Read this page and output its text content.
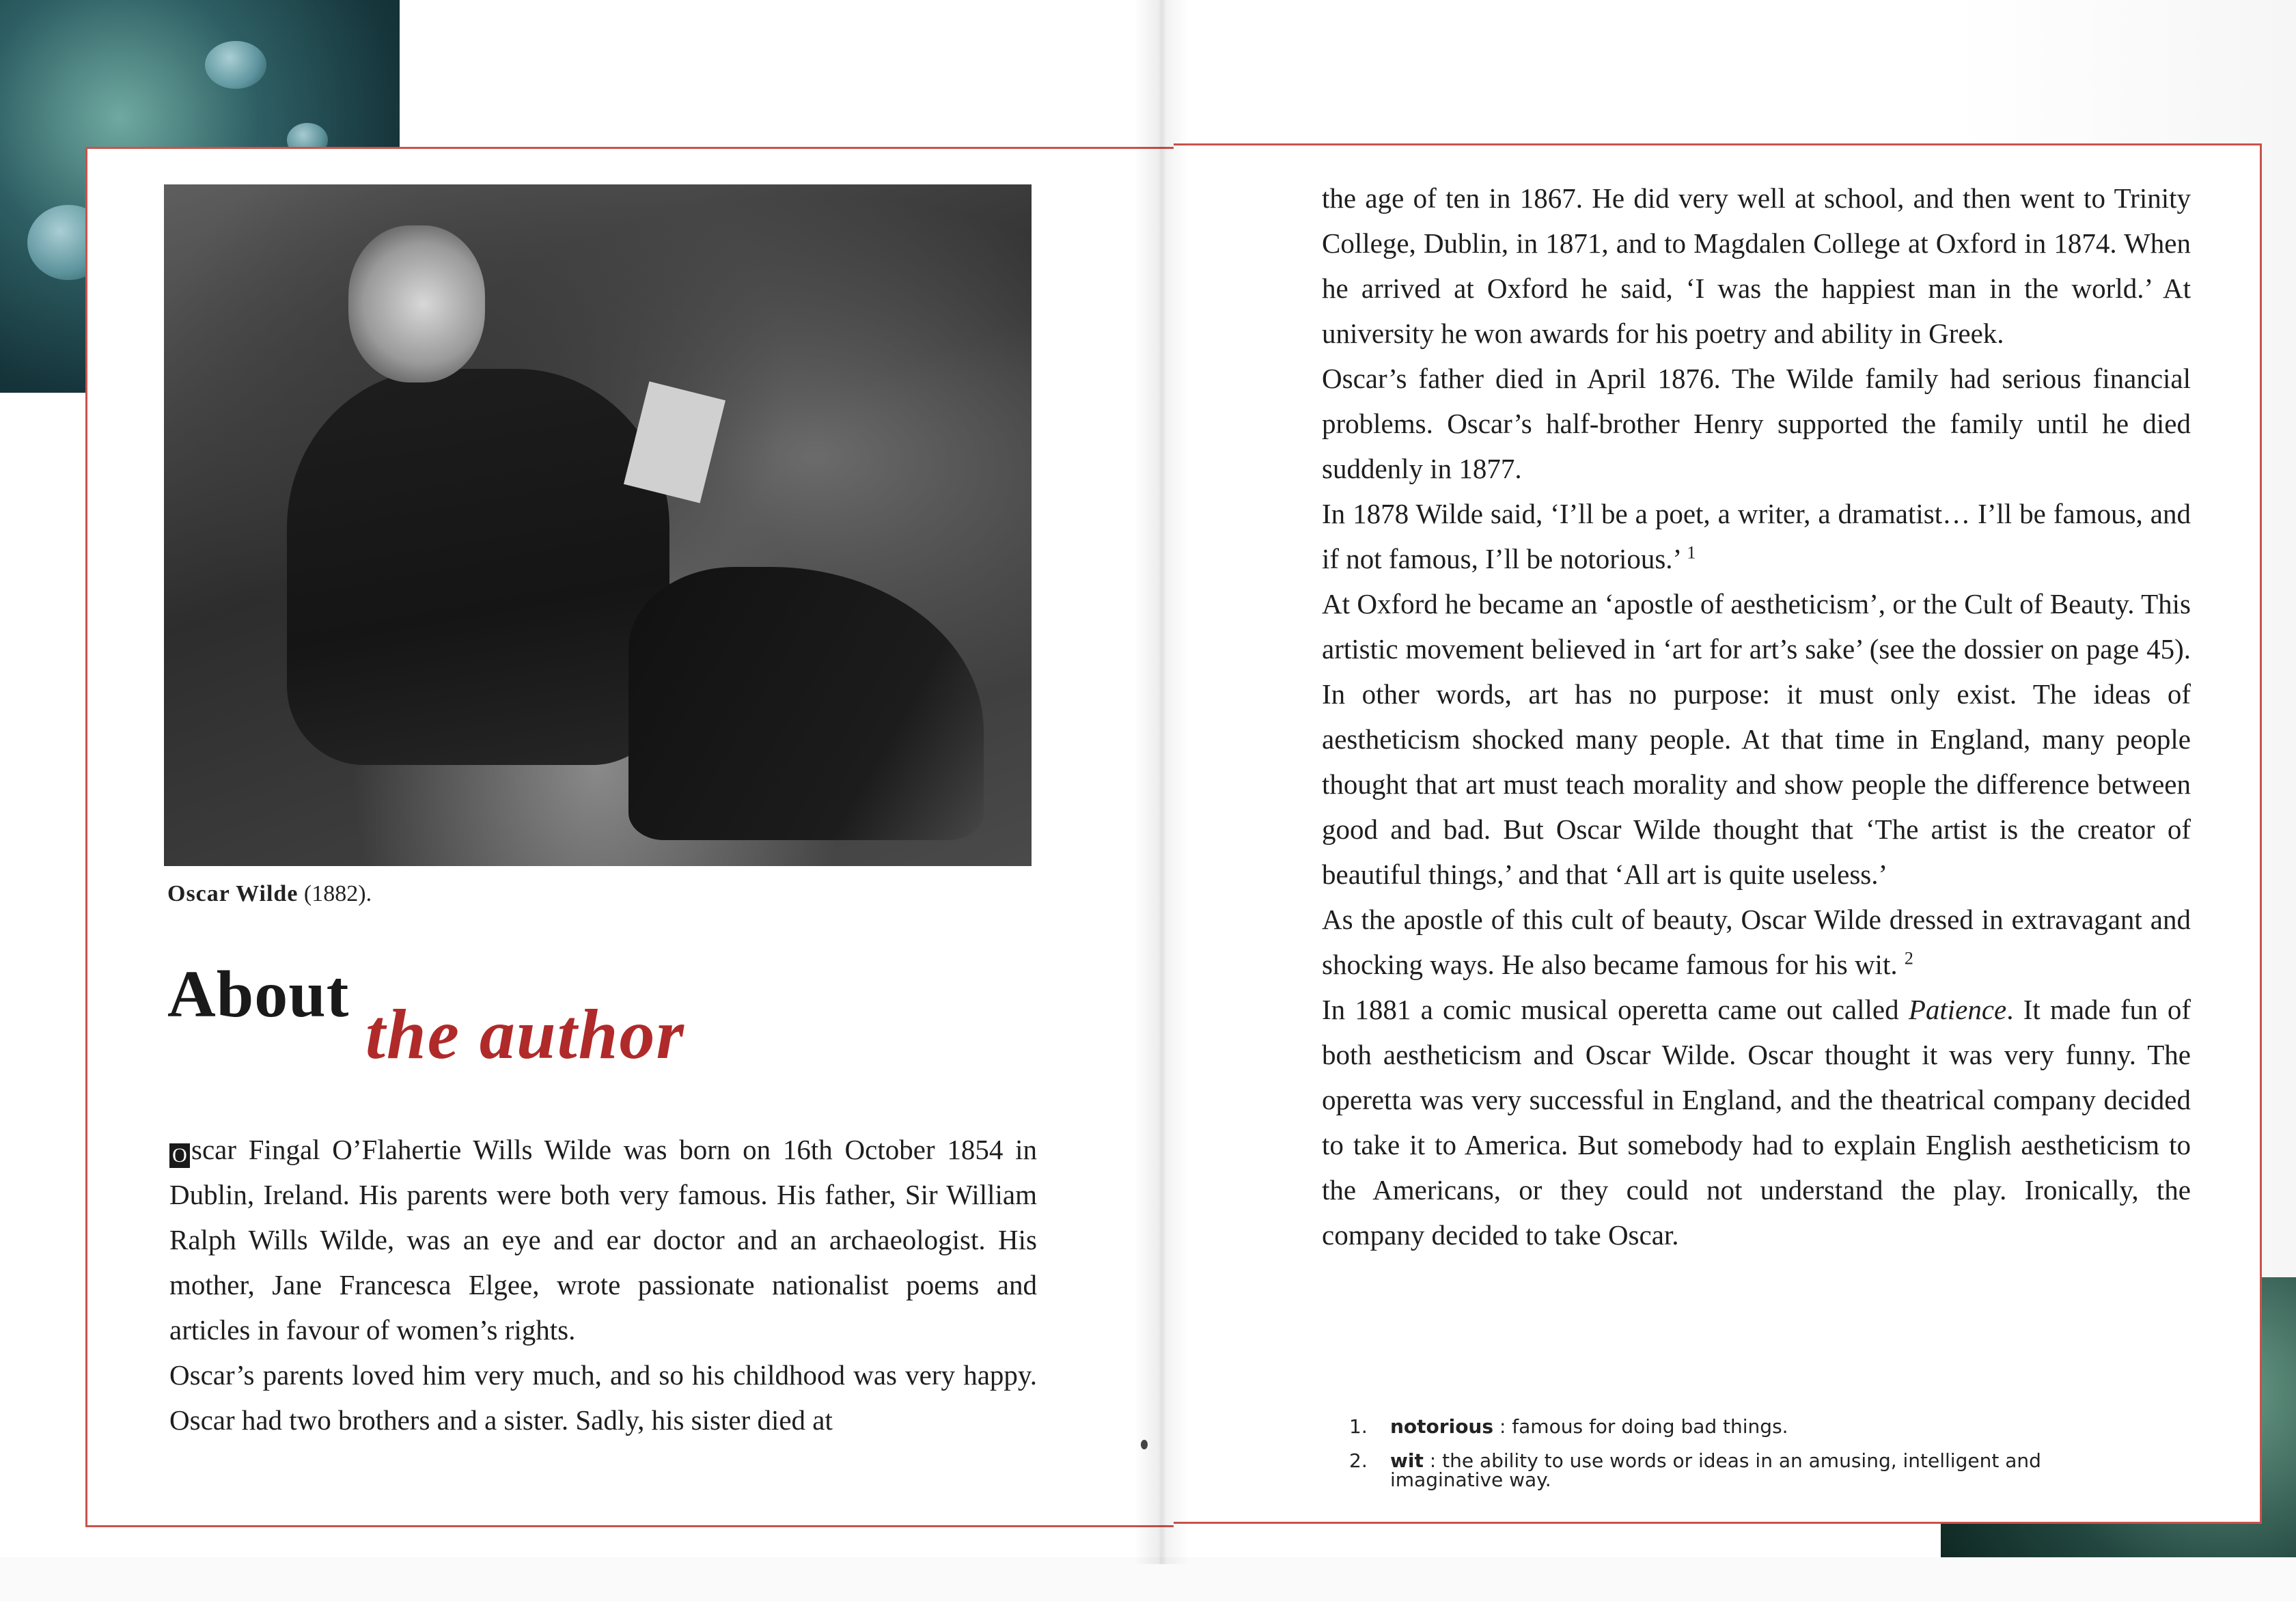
Oscar Wilde (1882).
About
the author

O scar Fingal O’Flahertie Wills Wilde was born on 16th October 1854 in Dublin, Ireland. His parents were both very famous. His father, Sir William Ralph Wills Wilde, was an eye and ear doctor and an archaeologist. His mother, Jane Francesca Elgee, wrote passionate nationalist poems and articles in favour of women’s rights.

Oscar’s parents loved him very much, and so his childhood was very happy. Oscar had two brothers and a sister. Sadly, his sister died at

the age of ten in 1867. He did very well at school, and then went to Trinity College, Dublin, in 1871, and to Magdalen College at Oxford in 1874. When he arrived at Oxford he said, ‘I was the happiest man in the world.’ At university he won awards for his poetry and ability in Greek.

Oscar’s father died in April 1876. The Wilde family had serious financial problems. Oscar’s half-brother Henry supported the family until he died suddenly in 1877.

In 1878 Wilde said, ‘I’ll be a poet, a writer, a dramatist… I’ll be famous, and if not famous, I’ll be notorious.’ $^1$

At Oxford he became an ‘apostle of aestheticism’, or the Cult of Beauty. This artistic movement believed in ‘art for art’s sake’ (see the dossier on page 45). In other words, art has no purpose: it must only exist. The ideas of aestheticism shocked many people. At that time in England, many people thought that art must teach morality and show people the difference between good and bad. But Oscar Wilde thought that ‘The artist is the creator of beautiful things,’ and that ‘All art is quite useless.’

As the apostle of this cult of beauty, Oscar Wilde dressed in extravagant and shocking ways. He also became famous for his wit. $^2$

In 1881 a comic musical operetta came out called Patience. It made fun of both aestheticism and Oscar Wilde. Oscar thought it was very funny. The operetta was very successful in England, and the theatrical company decided to take it to America. But somebody had to explain English aestheticism to the Americans, or they could not understand the play. Ironically, the company decided to take Oscar.

1.	notorious : famous for doing bad things.
2.	wit : the ability to use words or ideas in an amusing, intelligent and imaginative way.
